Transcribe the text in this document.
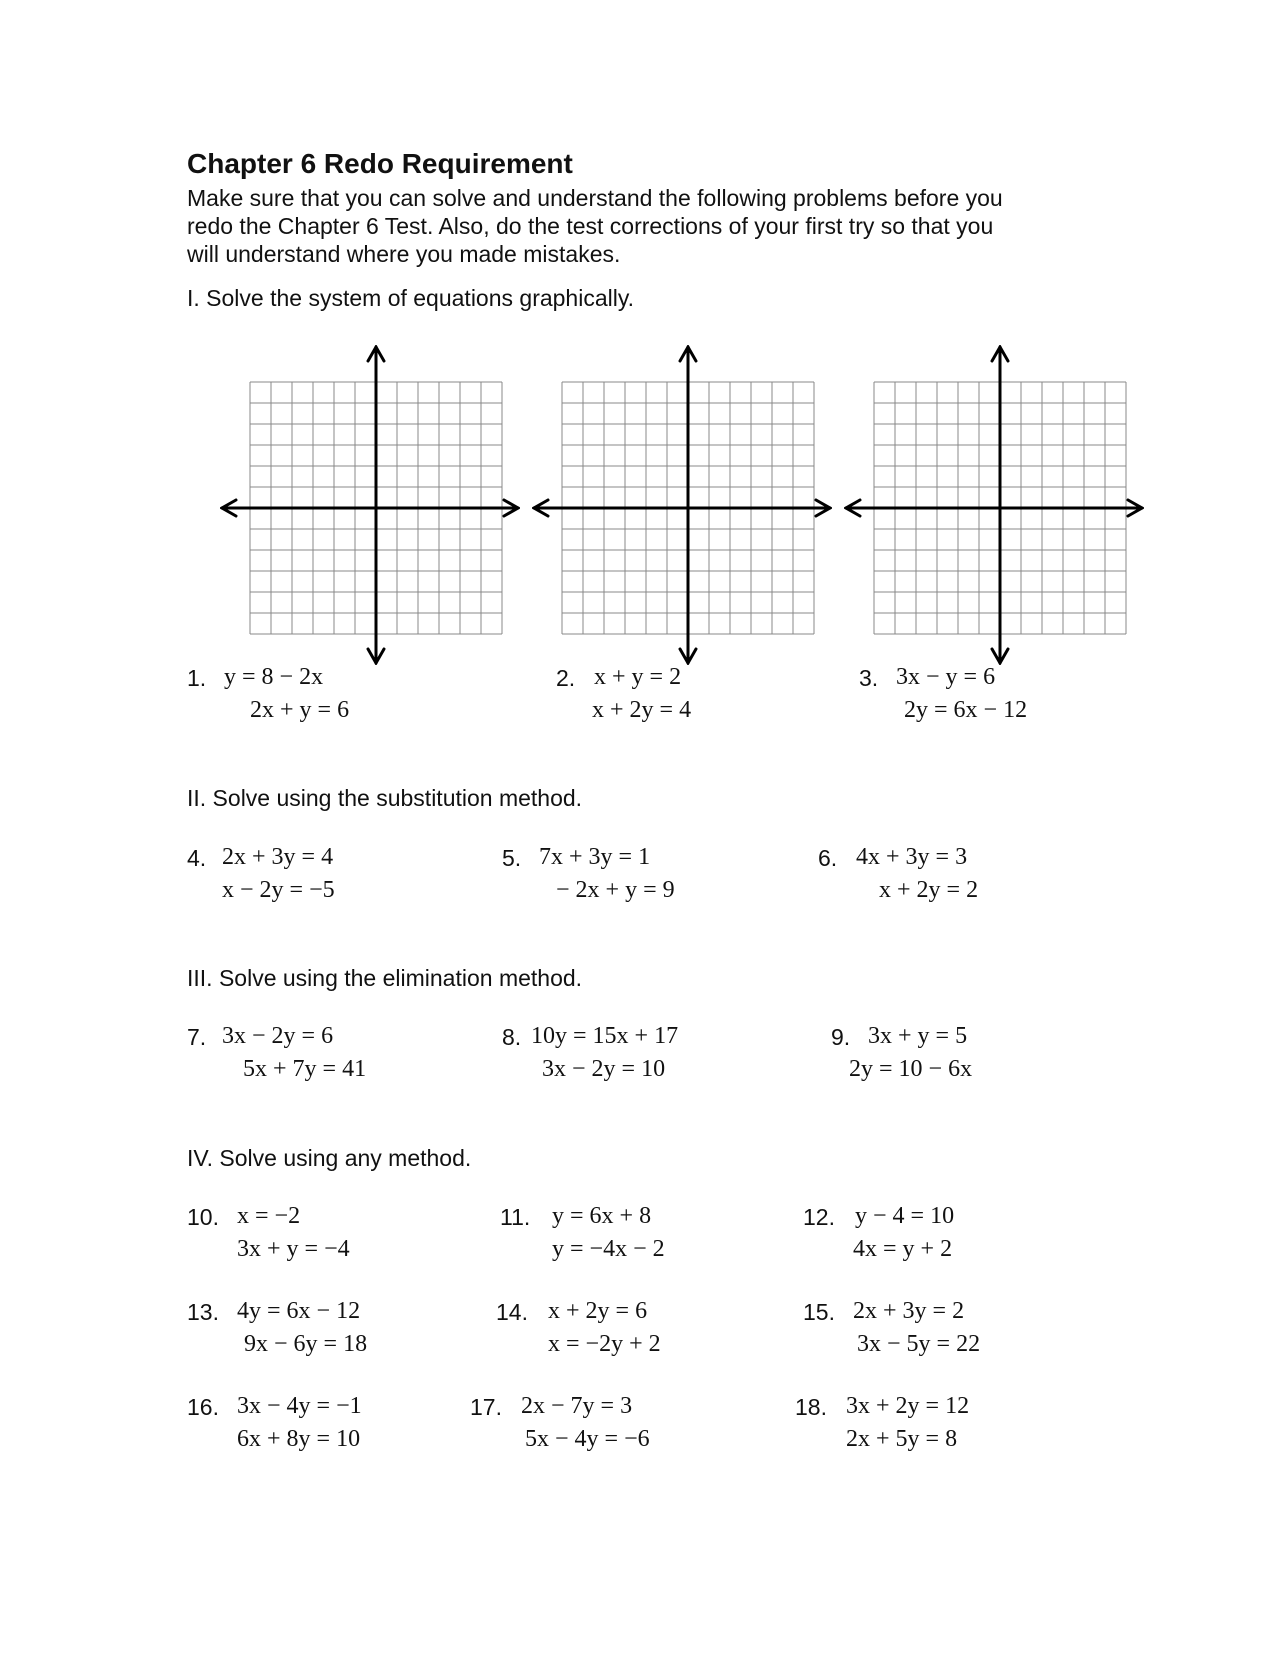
Chapter 6 Redo Requirement
Make sure that you can solve and understand the following problems before you
redo the Chapter 6 Test. Also, do the test corrections of your first try so that you
will understand where you made mistakes.
I. Solve the system of equations graphically.
1. y = 8 − 2x
2x + y = 6
2. x + y = 2
x + 2y = 4
3. 3x − y = 6
2y = 6x − 12
II. Solve using the substitution method.
4. 2x + 3y = 4
x − 2y = −5
5. 7x + 3y = 1
− 2x + y = 9
6. 4x + 3y = 3
x + 2y = 2
III. Solve using the elimination method.
7. 3x − 2y = 6
5x + 7y = 41
8. 10y = 15x + 17
3x − 2y = 10
9. 3x + y = 5
2y = 10 − 6x
IV. Solve using any method.
10. x = −2
3x + y = −4
11. y = 6x + 8
y = −4x − 2
12. y − 4 = 10
4x = y + 2
13. 4y = 6x − 12
9x − 6y = 18
14. x + 2y = 6
x = −2y + 2
15. 2x + 3y = 2
3x − 5y = 22
16. 3x − 4y = −1
6x + 8y = 10
17. 2x − 7y = 3
5x − 4y = −6
18. 3x + 2y = 12
2x + 5y = 8
